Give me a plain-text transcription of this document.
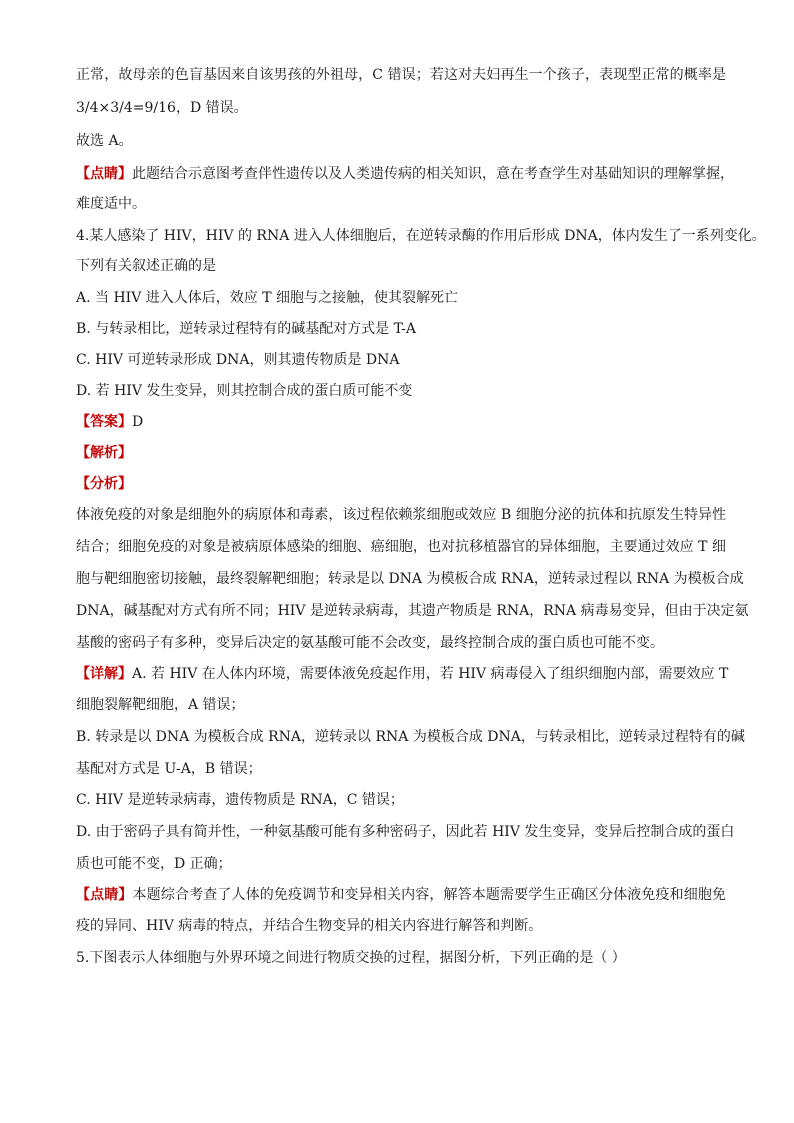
正常，故母亲的色盲基因来自该男孩的外祖母，C 错误；若这对夫妇再生一个孩子，表现型正常的概率是
3/4×3/4=9/16，D 错误。
故选 A。
【点睛】此题结合示意图考查伴性遗传以及人类遗传病的相关知识，意在考查学生对基础知识的理解掌握，
难度适中。
4.某人感染了 HIV，HIV 的 RNA 进入人体细胞后，在逆转录酶的作用后形成 DNA，体内发生了一系列变化。
下列有关叙述正确的是
A. 当 HIV 进入人体后，效应 T 细胞与之接触，使其裂解死亡
B. 与转录相比，逆转录过程特有的碱基配对方式是 T-A
C. HIV 可逆转录形成 DNA，则其遗传物质是 DNA
D. 若 HIV 发生变异，则其控制合成的蛋白质可能不变
【答案】D
【解析】
【分析】
体液免疫的对象是细胞外的病原体和毒素，该过程依赖浆细胞或效应 B 细胞分泌的抗体和抗原发生特异性
结合；细胞免疫的对象是被病原体感染的细胞、癌细胞，也对抗移植器官的异体细胞，主要通过效应 T 细
胞与靶细胞密切接触，最终裂解靶细胞；转录是以 DNA 为模板合成 RNA，逆转录过程以 RNA 为模板合成
DNA，碱基配对方式有所不同；HIV 是逆转录病毒，其遗产物质是 RNA，RNA 病毒易变异，但由于决定氨
基酸的密码子有多种，变异后决定的氨基酸可能不会改变，最终控制合成的蛋白质也可能不变。
【详解】A. 若 HIV 在人体内环境，需要体液免疫起作用，若 HIV 病毒侵入了组织细胞内部，需要效应 T
细胞裂解靶细胞，A 错误；
B. 转录是以 DNA 为模板合成 RNA，逆转录以 RNA 为模板合成 DNA，与转录相比，逆转录过程特有的碱
基配对方式是 U-A，B 错误；
C. HIV 是逆转录病毒，遗传物质是 RNA，C 错误；
D. 由于密码子具有简并性，一种氨基酸可能有多种密码子，因此若 HIV 发生变异，变异后控制合成的蛋白
质也可能不变，D 正确；
【点睛】本题综合考查了人体的免疫调节和变异相关内容，解答本题需要学生正确区分体液免疫和细胞免
疫的异同、HIV 病毒的特点，并结合生物变异的相关内容进行解答和判断。
5.下图表示人体细胞与外界环境之间进行物质交换的过程，据图分析，下列正确的是（ ）
